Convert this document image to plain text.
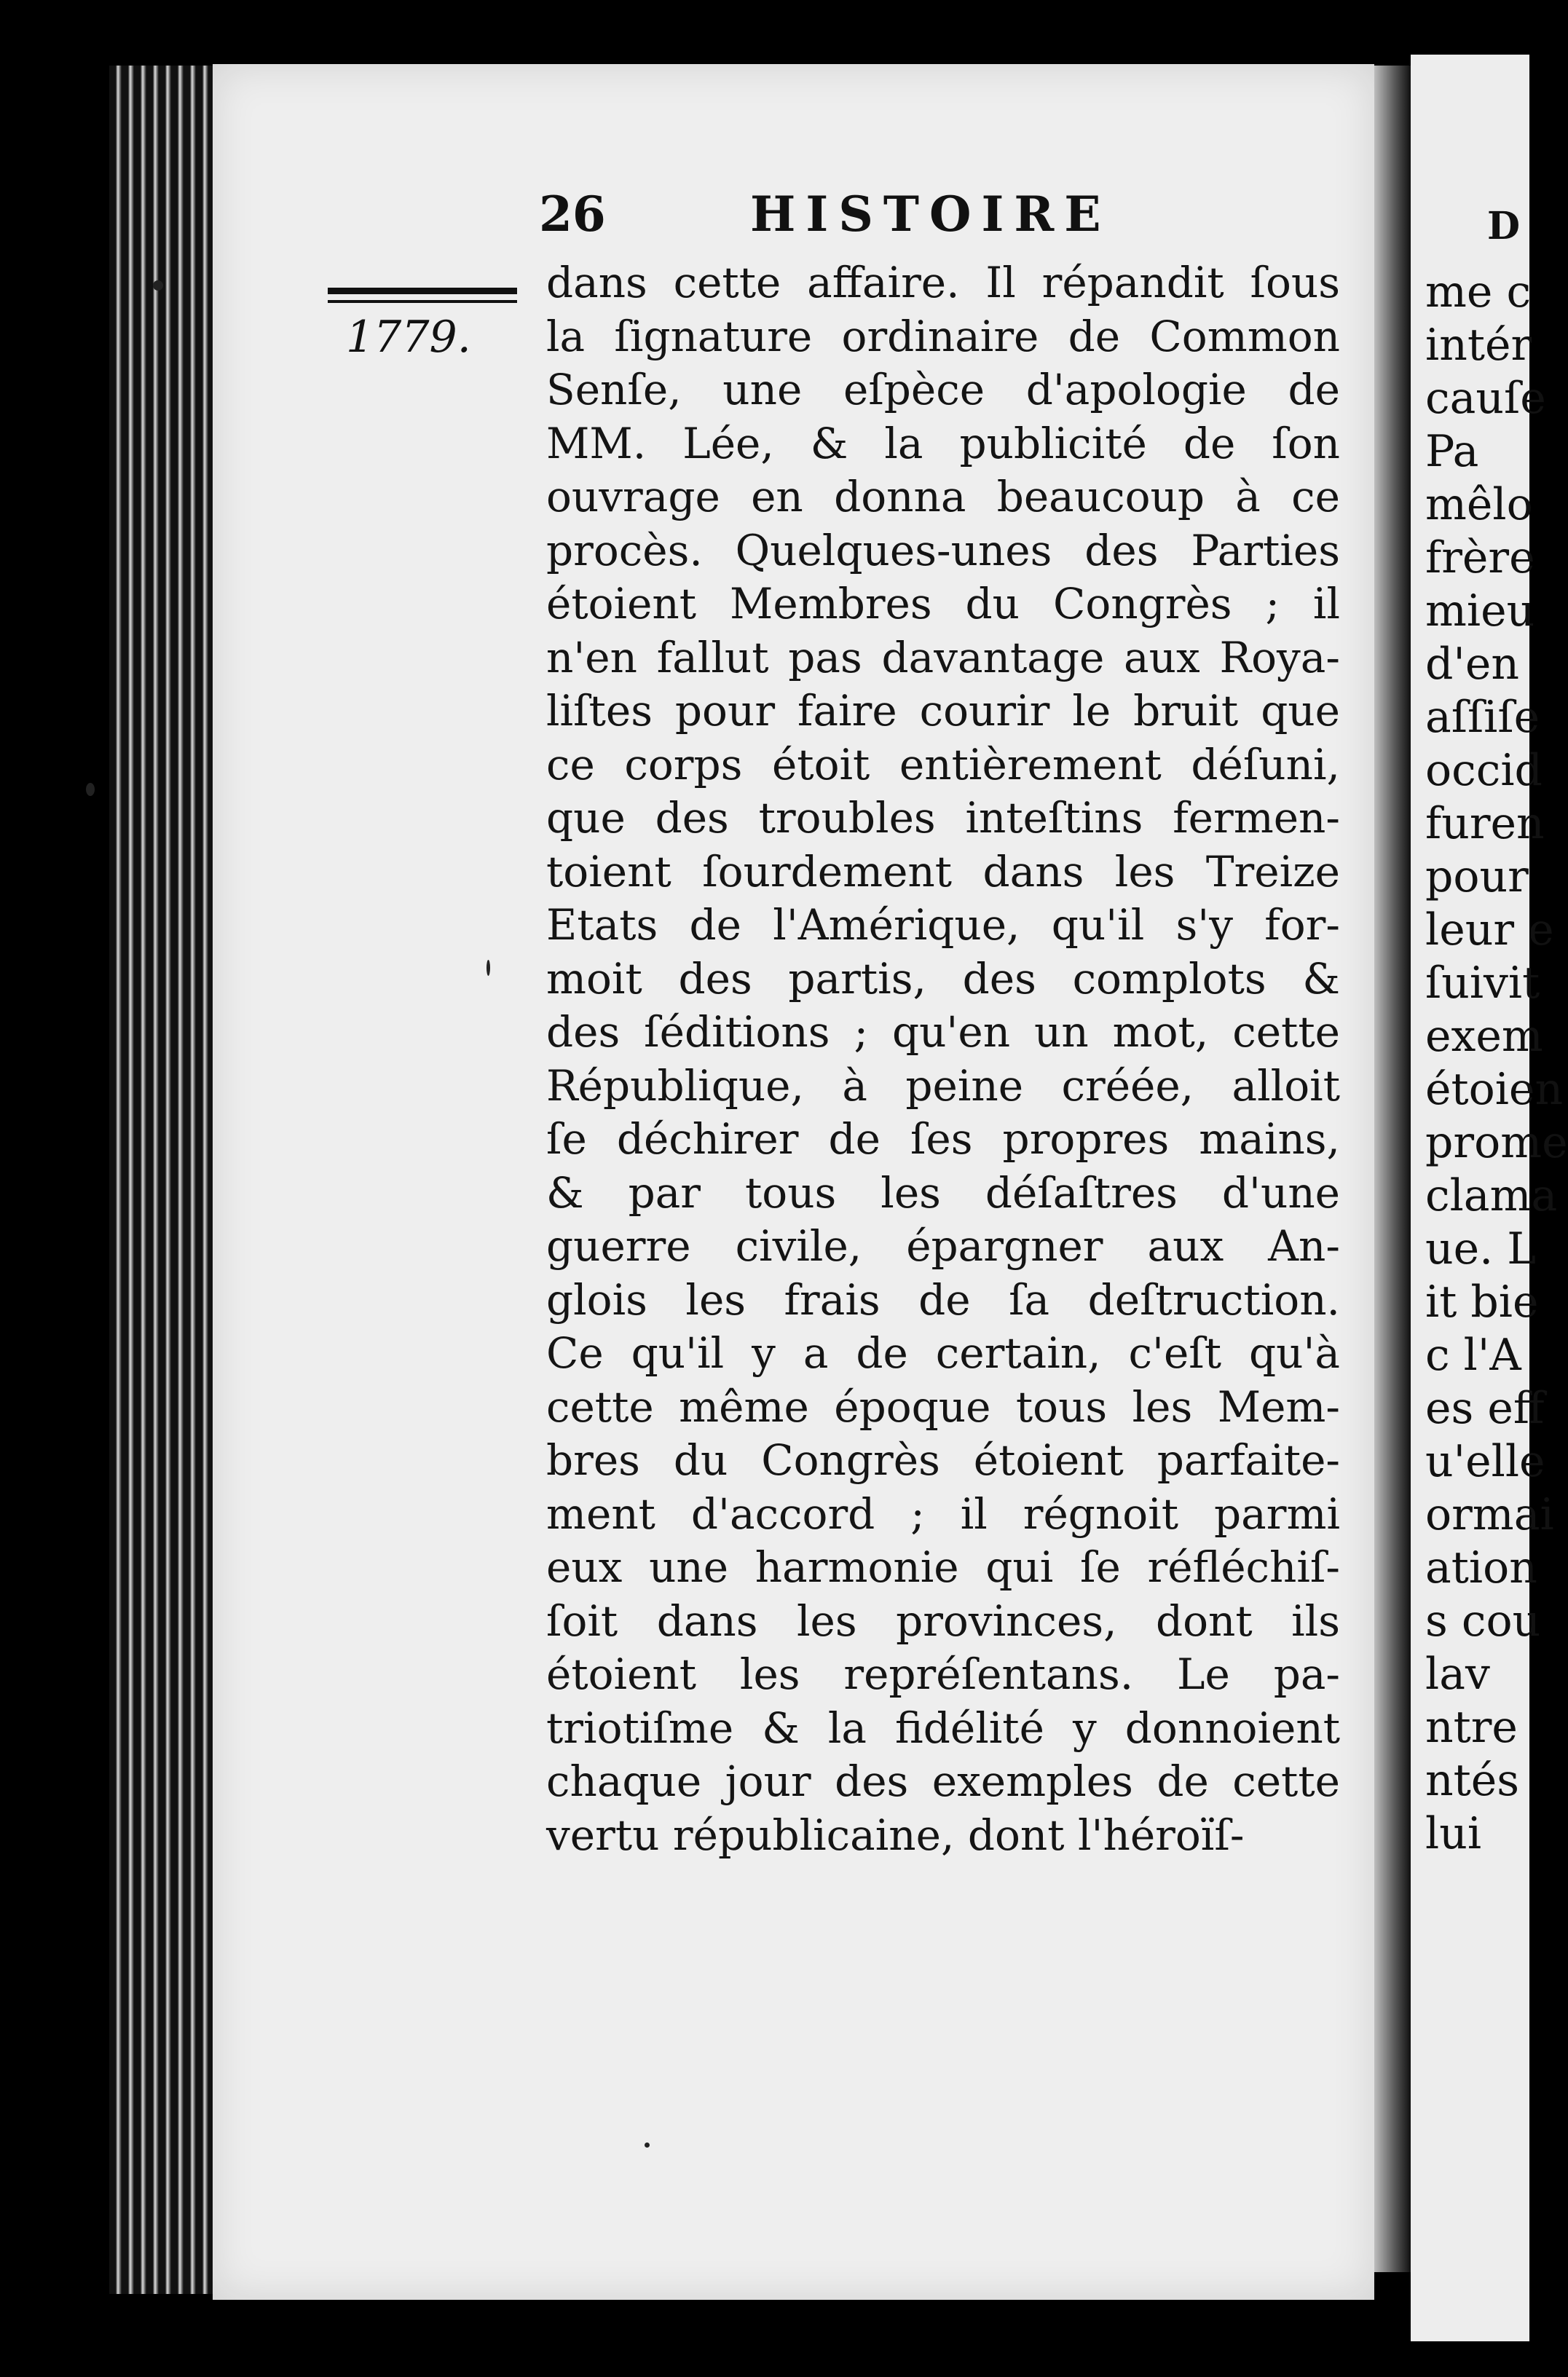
D
me c
intér
cauſe
Pa
mêlo
frère
mieu
d'en
aſſiſe
occid
furen
pour
leur e
ſuivit
exem
étoien
prome
clama
ue. L
it bie
c l'A
es eff
u'elle
ormai
ation
s cou
lav
ntre
ntés
lui
26	HISTOIRE
1779.
dans cette affaire. Il répandit ſous
la ſignature ordinaire de Common
Senſe, une eſpèce d'apologie de
MM. Lée, & la publicité de ſon
ouvrage en donna beaucoup à ce
procès. Quelques-unes des Parties
étoient Membres du Congrès ; il
n'en fallut pas davantage aux Roya-
liſtes pour faire courir le bruit que
ce corps étoit entièrement déſuni,
que des troubles inteſtins fermen-
toient ſourdement dans les Treize
Etats de l'Amérique, qu'il s'y for-
moit des partis, des complots &
des ſéditions ; qu'en un mot, cette
République, à peine créée, alloit
ſe déchirer de ſes propres mains,
& par tous les déſaſtres d'une
guerre civile, épargner aux An-
glois les frais de ſa deſtruction.
Ce qu'il y a de certain, c'eſt qu'à
cette même époque tous les Mem-
bres du Congrès étoient parfaite-
ment d'accord ; il régnoit parmi
eux une harmonie qui ſe réfléchiſ-
ſoit dans les provinces, dont ils
étoient les repréſentans. Le pa-
triotiſme & la fidélité y donnoient
chaque jour des exemples de cette
vertu républicaine, dont l'héroïſ-
